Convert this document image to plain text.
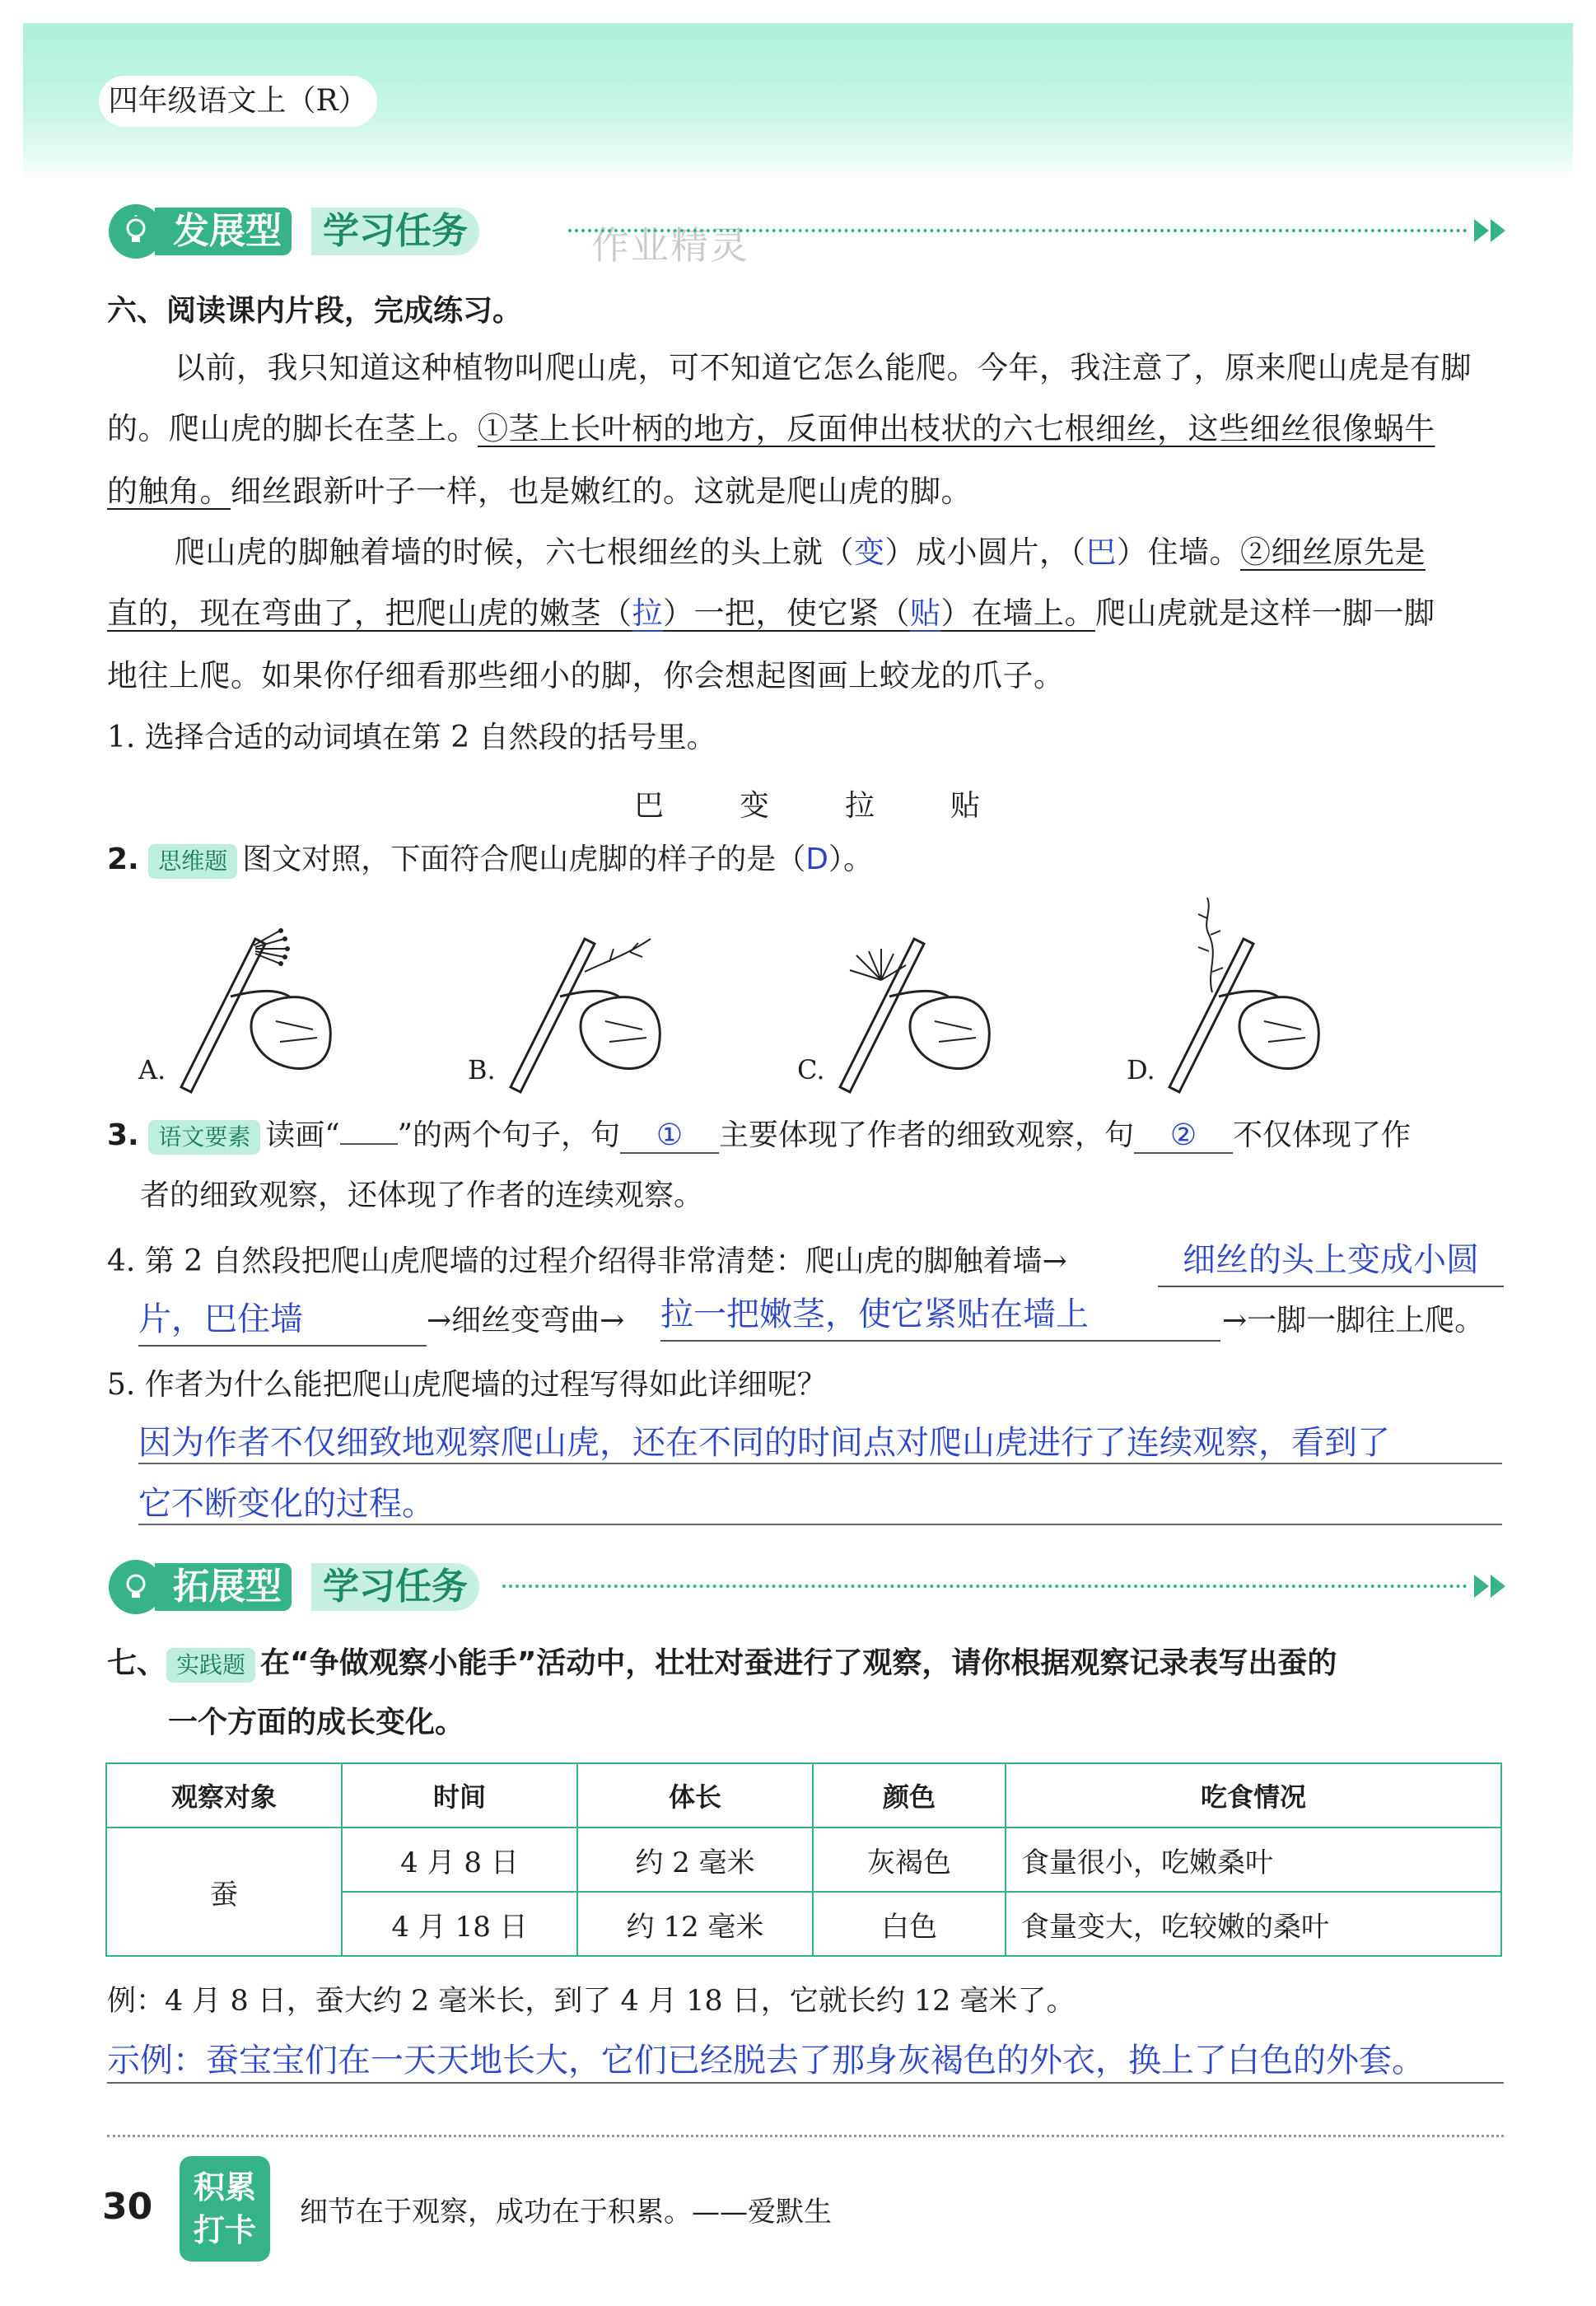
四年级语文上（R）
发展型	学习任务	作业精灵
六、阅读课内片段，完成练习。
以前，我只知道这种植物叫爬山虎，可不知道它怎么能爬。今年，我注意了，原来爬山虎是有脚
的。爬山虎的脚长在茎上。①茎上长叶柄的地方，反面伸出枝状的六七根细丝，这些细丝很像蜗牛
的触角。细丝跟新叶子一样，也是嫩红的。这就是爬山虎的脚。
爬山虎的脚触着墙的时候，六七根细丝的头上就（变）成小圆片，（巴）住墙。②细丝原先是
直的，现在弯曲了，把爬山虎的嫩茎（拉）一把，使它紧（贴）在墙上。爬山虎就是这样一脚一脚
地往上爬。如果你仔细看那些细小的脚，你会想起图画上蛟龙的爪子。
1. 选择合适的动词填在第 2 自然段的括号里。
巴	变	拉	贴
2. 思维题 图文对照，下面符合爬山虎脚的样子的是（D）。
A.	B.	C.	D.
3. 语文要素 读画“ ”的两个句子，句 ① 主要体现了作者的细致观察，句 ② 不仅体现了作
者的细致观察，还体现了作者的连续观察。
4. 第 2 自然段把爬山虎爬墙的过程介绍得非常清楚：爬山虎的脚触着墙→	细丝的头上变成小圆
片，巴住墙	→细丝变弯曲→ 拉一把嫩茎，使它紧贴在墙上	→一脚一脚往上爬。
5. 作者为什么能把爬山虎爬墙的过程写得如此详细呢？
因为作者不仅细致地观察爬山虎，还在不同的时间点对爬山虎进行了连续观察，看到了
它不断变化的过程。
拓展型	学习任务
七、 实践题 在“争做观察小能手”活动中，壮壮对蚕进行了观察，请你根据观察记录表写出蚕的
一个方面的成长变化。
观察对象	时间	体长	颜色	吃食情况
蚕	4 月 8 日	约 2 毫米	灰褐色	食量很小，吃嫩桑叶
	4 月 18 日	约 12 毫米	白色	食量变大，吃较嫩的桑叶
例：4 月 8 日，蚕大约 2 毫米长，到了 4 月 18 日，它就长约 12 毫米了。
示例：蚕宝宝们在一天天地长大，它们已经脱去了那身灰褐色的外衣，换上了白色的外套。
30	积累
打卡	细节在于观察，成功在于积累。——爱默生
